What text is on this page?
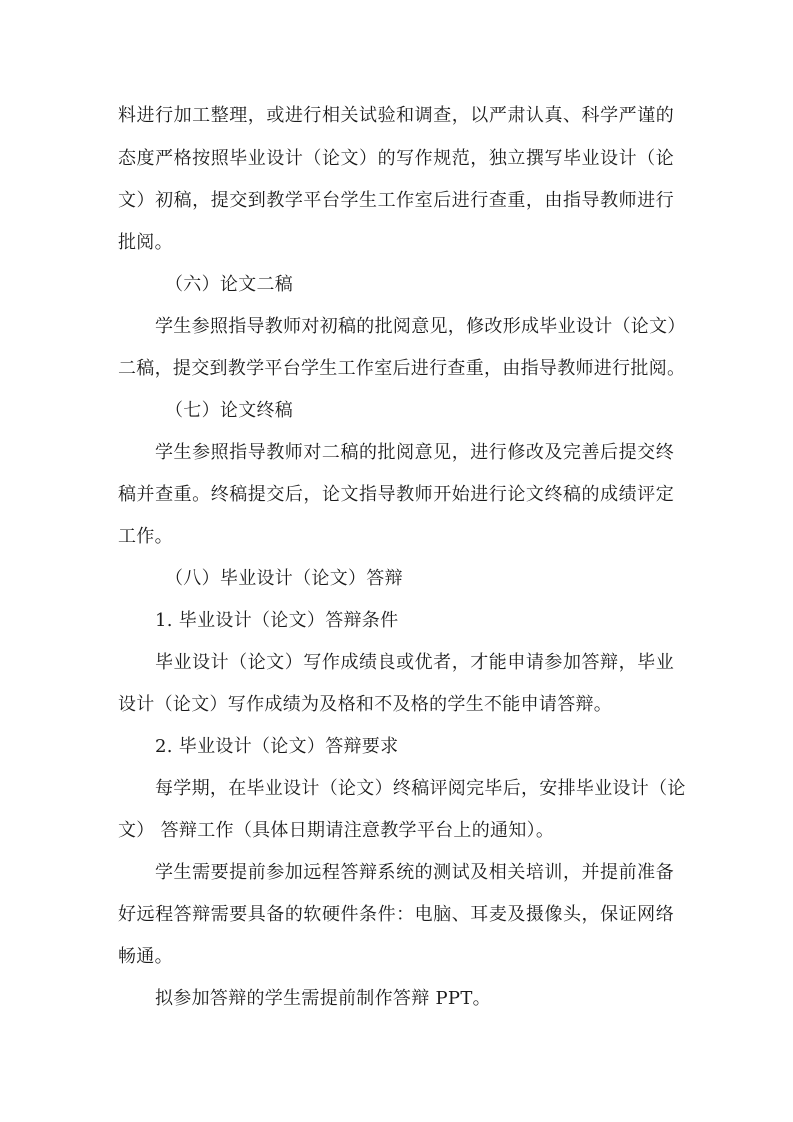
料进行加工整理，或进行相关试验和调查，以严肃认真、科学严谨的
态度严格按照毕业设计（论文）的写作规范，独立撰写毕业设计（论
文）初稿，提交到教学平台学生工作室后进行查重，由指导教师进行
批阅。
（六）论文二稿
学生参照指导教师对初稿的批阅意见，修改形成毕业设计（论文）
二稿，提交到教学平台学生工作室后进行查重，由指导教师进行批阅。
（七）论文终稿
学生参照指导教师对二稿的批阅意见，进行修改及完善后提交终
稿并查重。终稿提交后，论文指导教师开始进行论文终稿的成绩评定
工作。
（八）毕业设计（论文）答辩
1. 毕业设计（论文）答辩条件
毕业设计（论文）写作成绩良或优者，才能申请参加答辩，毕业
设计（论文）写作成绩为及格和不及格的学生不能申请答辩。
2. 毕业设计（论文）答辩要求
每学期，在毕业设计（论文）终稿评阅完毕后，安排毕业设计（论
文） 答辩工作（具体日期请注意教学平台上的通知）。
学生需要提前参加远程答辩系统的测试及相关培训，并提前准备
好远程答辩需要具备的软硬件条件：电脑、耳麦及摄像头，保证网络
畅通。
拟参加答辩的学生需提前制作答辩 PPT。
